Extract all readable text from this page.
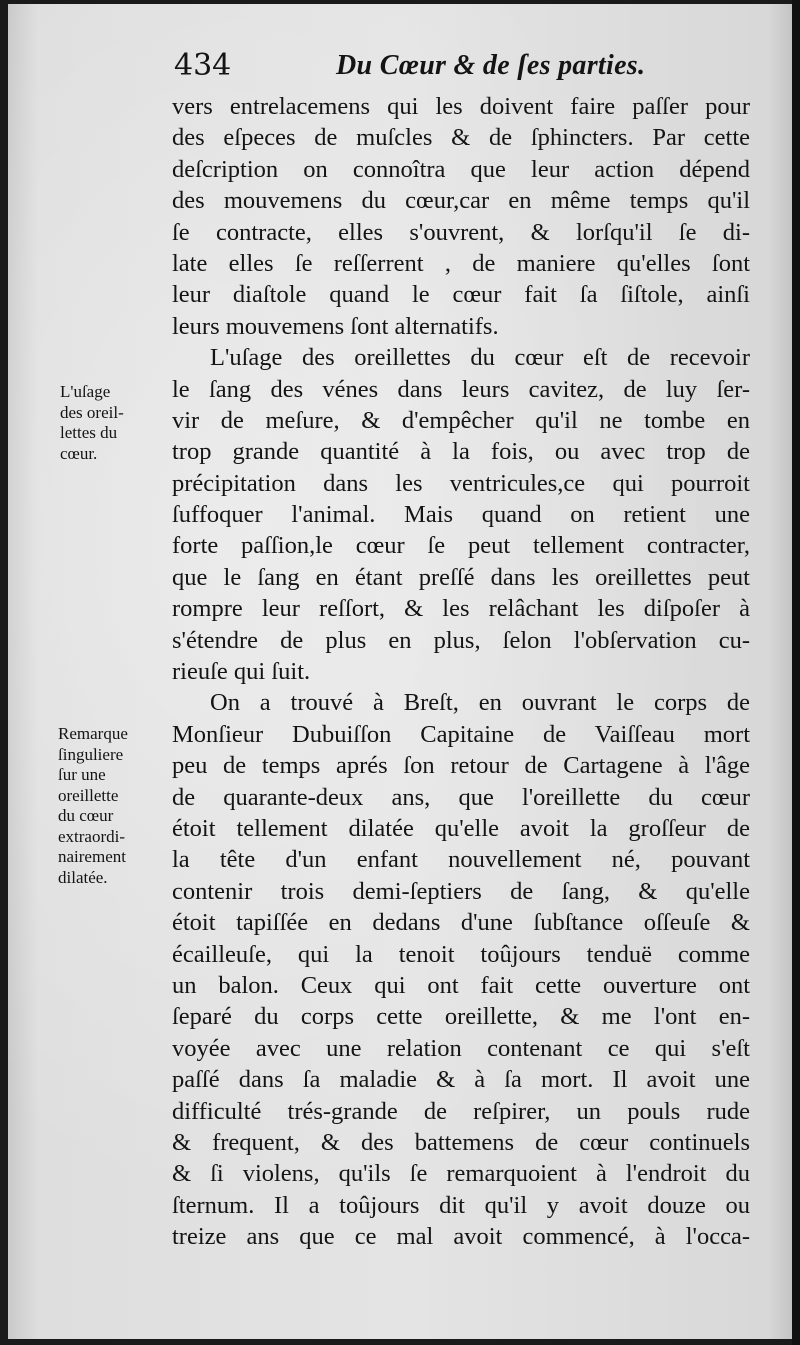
434	Du Cœur & de ſes parties.
vers entrelacemens qui les doivent faire paſſer pour
des eſpeces de muſcles & de ſphincters. Par cette
deſcription on connoîtra que leur action dépend
des mouvemens du cœur,car en même temps qu'il
ſe contracte, elles s'ouvrent, & lorſqu'il ſe di-
late elles ſe reſſerrent , de maniere qu'elles ſont
leur diaſtole quand le cœur fait ſa ſiſtole, ainſi
leurs mouvemens ſont alternatifs.
L'uſage des oreillettes du cœur eſt de recevoir
le ſang des vénes dans leurs cavitez, de luy ſer-
vir de meſure, & d'empêcher qu'il ne tombe en
trop grande quantité à la fois, ou avec trop de
précipitation dans les ventricules,ce qui pourroit
ſuffoquer l'animal. Mais quand on retient une
forte paſſion,le cœur ſe peut tellement contracter,
que le ſang en étant preſſé dans les oreillettes peut
rompre leur reſſort, & les relâchant les diſpoſer à
s'étendre de plus en plus, ſelon l'obſervation cu-
rieuſe qui ſuit.
On a trouvé à Breſt, en ouvrant le corps de
Monſieur Dubuiſſon Capitaine de Vaiſſeau mort
peu de temps aprés ſon retour de Cartagene à l'âge
de quarante-deux ans, que l'oreillette du cœur
étoit tellement dilatée qu'elle avoit la groſſeur de
la tête d'un enfant nouvellement né, pouvant
contenir trois demi-ſeptiers de ſang, & qu'elle
étoit tapiſſée en dedans d'une ſubſtance oſſeuſe &
écailleuſe, qui la tenoit toûjours tenduë comme
un balon. Ceux qui ont fait cette ouverture ont
ſeparé du corps cette oreillette, & me l'ont en-
voyée avec une relation contenant ce qui s'eſt
paſſé dans ſa maladie & à ſa mort. Il avoit une
difficulté trés-grande de reſpirer, un pouls rude
& frequent, & des battemens de cœur continuels
& ſi violens, qu'ils ſe remarquoient à l'endroit du
ſternum. Il a toûjours dit qu'il y avoit douze ou
treize ans que ce mal avoit commencé, à l'occa-
L'uſage
des oreil-
lettes du
cœur.
Remarque
ſinguliere
ſur une
oreillette
du cœur
extraordi-
nairement
dilatée.
